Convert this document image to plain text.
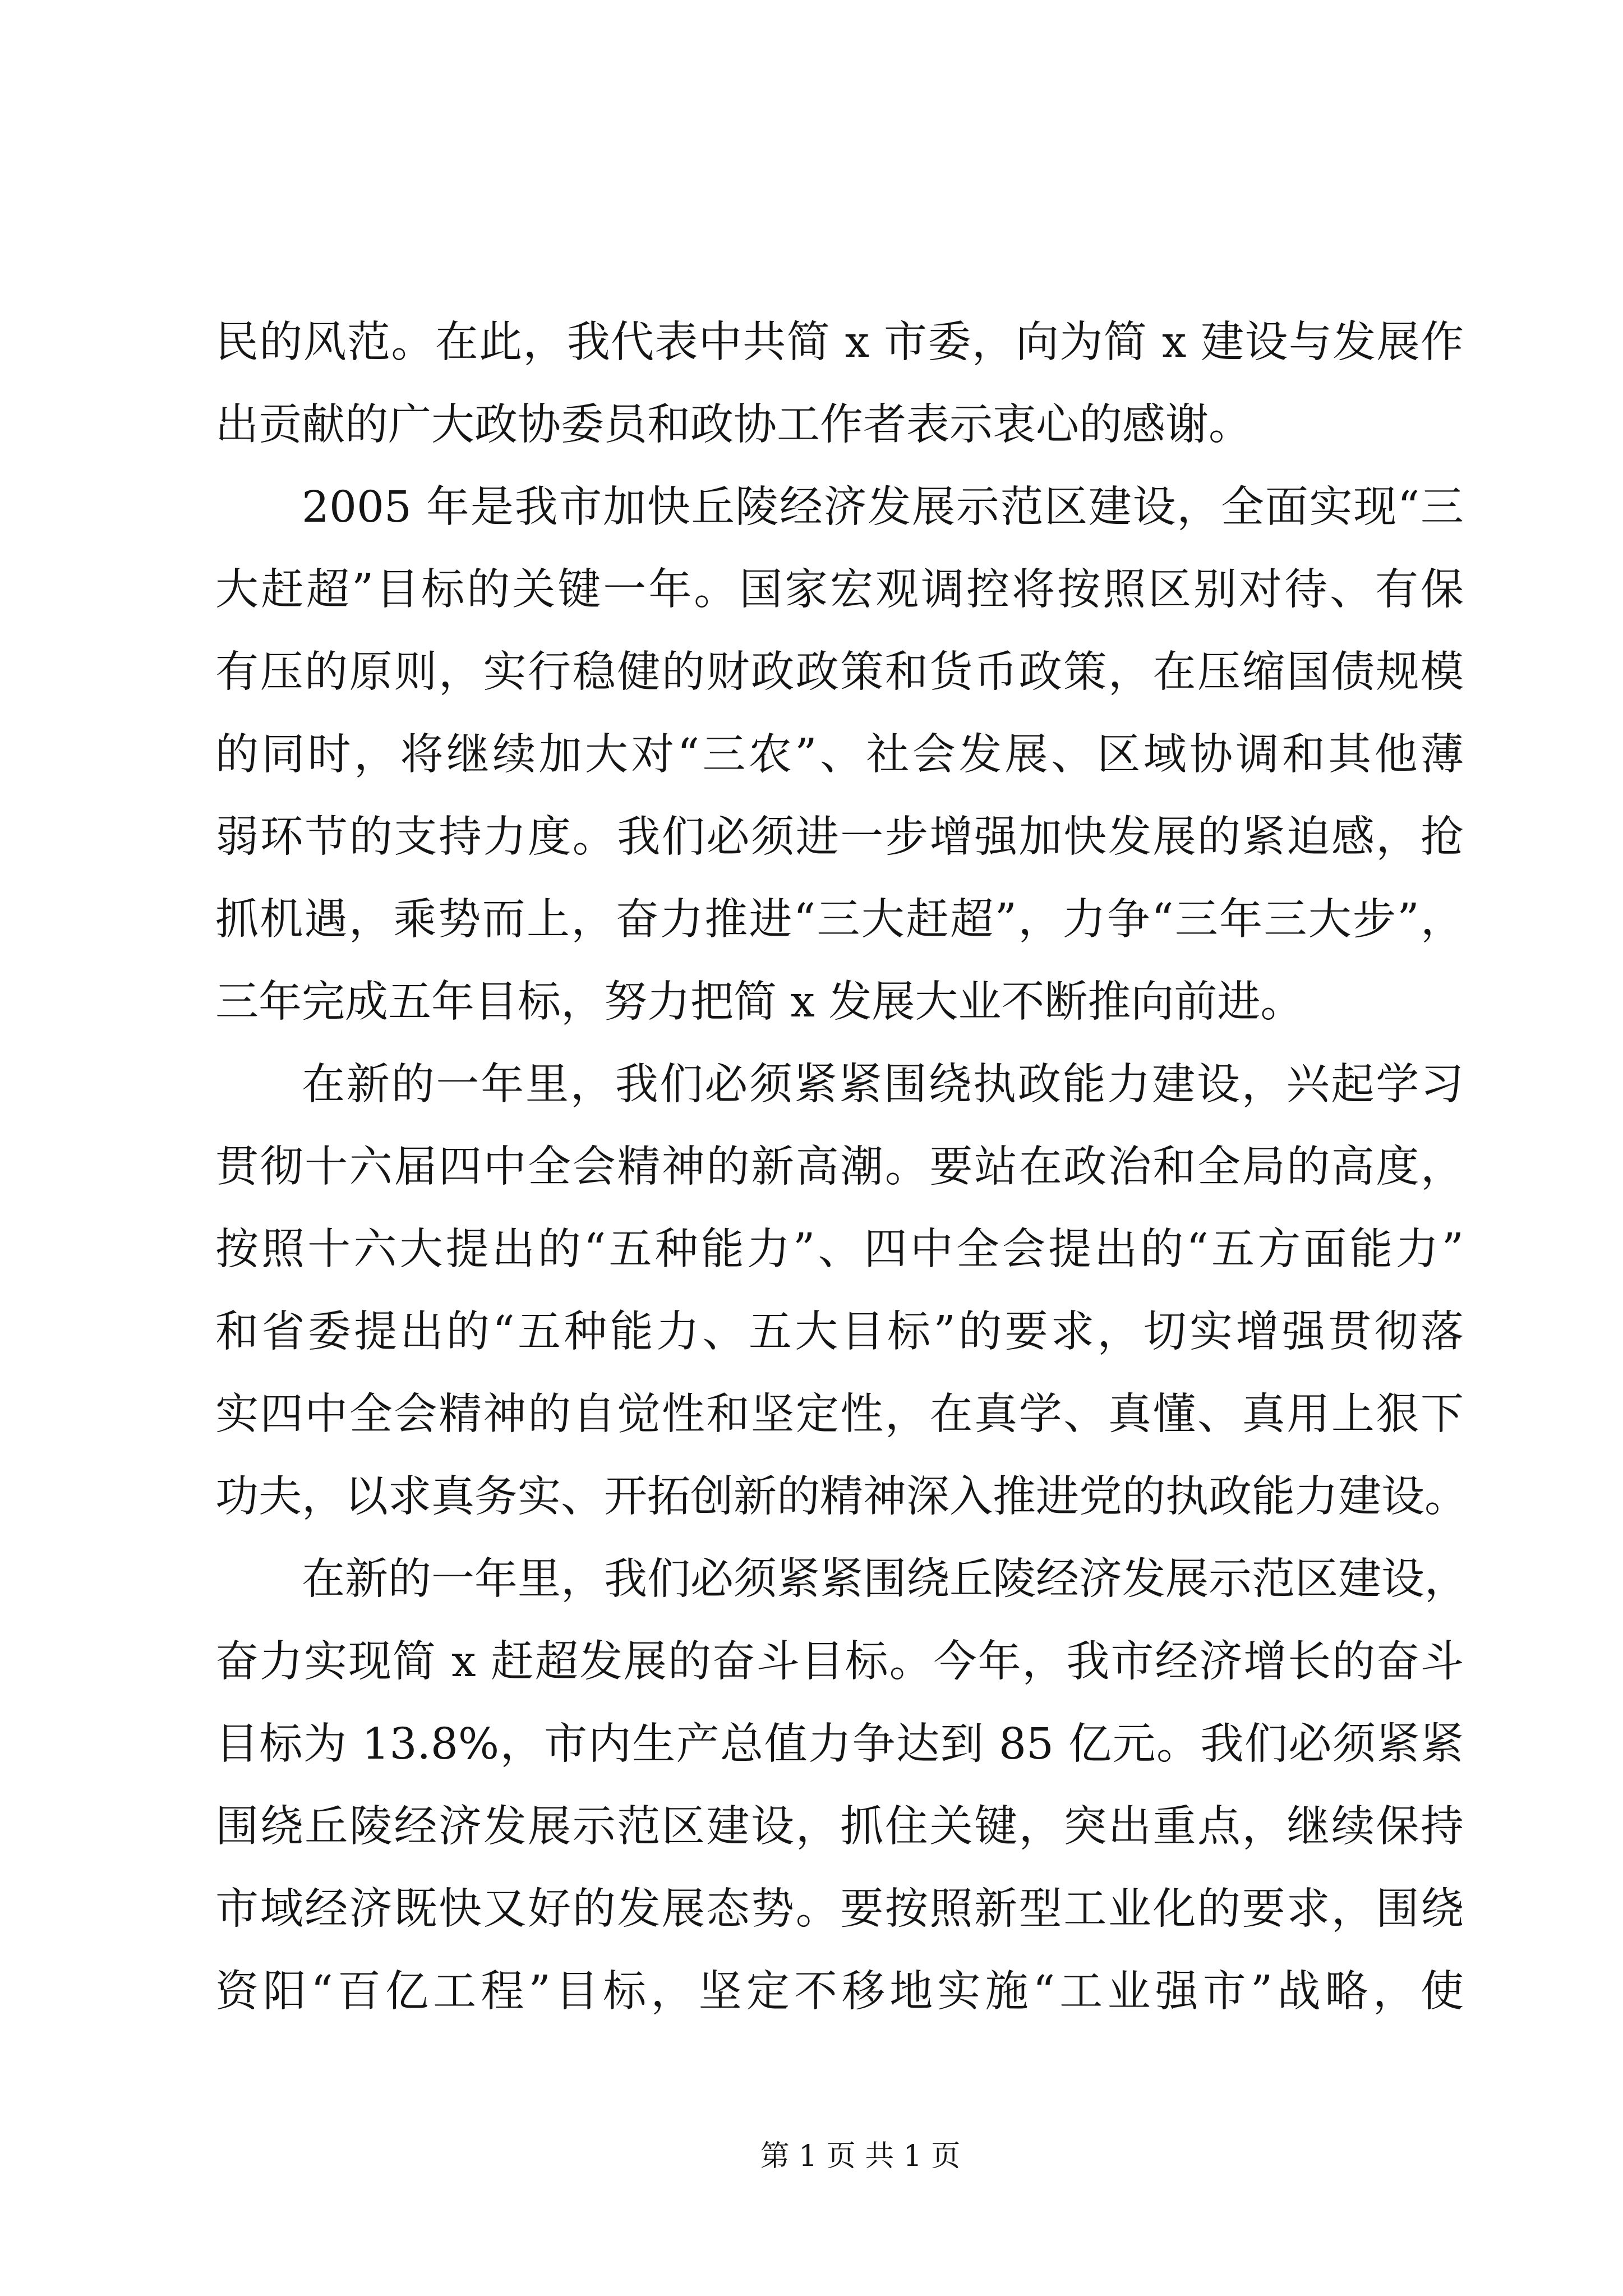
民的风范。在此，我代表中共简 x 市委，向为简 x 建设与发展作
出贡献的广大政协委员和政协工作者表示衷心的感谢。
2005 年是我市加快丘陵经济发展示范区建设，全面实现“三
大赶超”目标的关键一年。国家宏观调控将按照区别对待、有保
有压的原则，实行稳健的财政政策和货币政策，在压缩国债规模
的同时，将继续加大对“三农”、社会发展、区域协调和其他薄
弱环节的支持力度。我们必须进一步增强加快发展的紧迫感，抢
抓机遇，乘势而上，奋力推进“三大赶超”，力争“三年三大步”，
三年完成五年目标，努力把简 x 发展大业不断推向前进。
在新的一年里，我们必须紧紧围绕执政能力建设，兴起学习
贯彻十六届四中全会精神的新高潮。要站在政治和全局的高度，
按照十六大提出的“五种能力”、四中全会提出的“五方面能力”
和省委提出的“五种能力、五大目标”的要求，切实增强贯彻落
实四中全会精神的自觉性和坚定性，在真学、真懂、真用上狠下
功夫，以求真务实、开拓创新的精神深入推进党的执政能力建设。
在新的一年里，我们必须紧紧围绕丘陵经济发展示范区建设，
奋力实现简 x 赶超发展的奋斗目标。今年，我市经济增长的奋斗
目标为 13.8%，市内生产总值力争达到 85 亿元。我们必须紧紧
围绕丘陵经济发展示范区建设，抓住关键，突出重点，继续保持
市域经济既快又好的发展态势。要按照新型工业化的要求，围绕
资阳“百亿工程”目标，坚定不移地实施“工业强市”战略，使
第 1 页 共 1 页
